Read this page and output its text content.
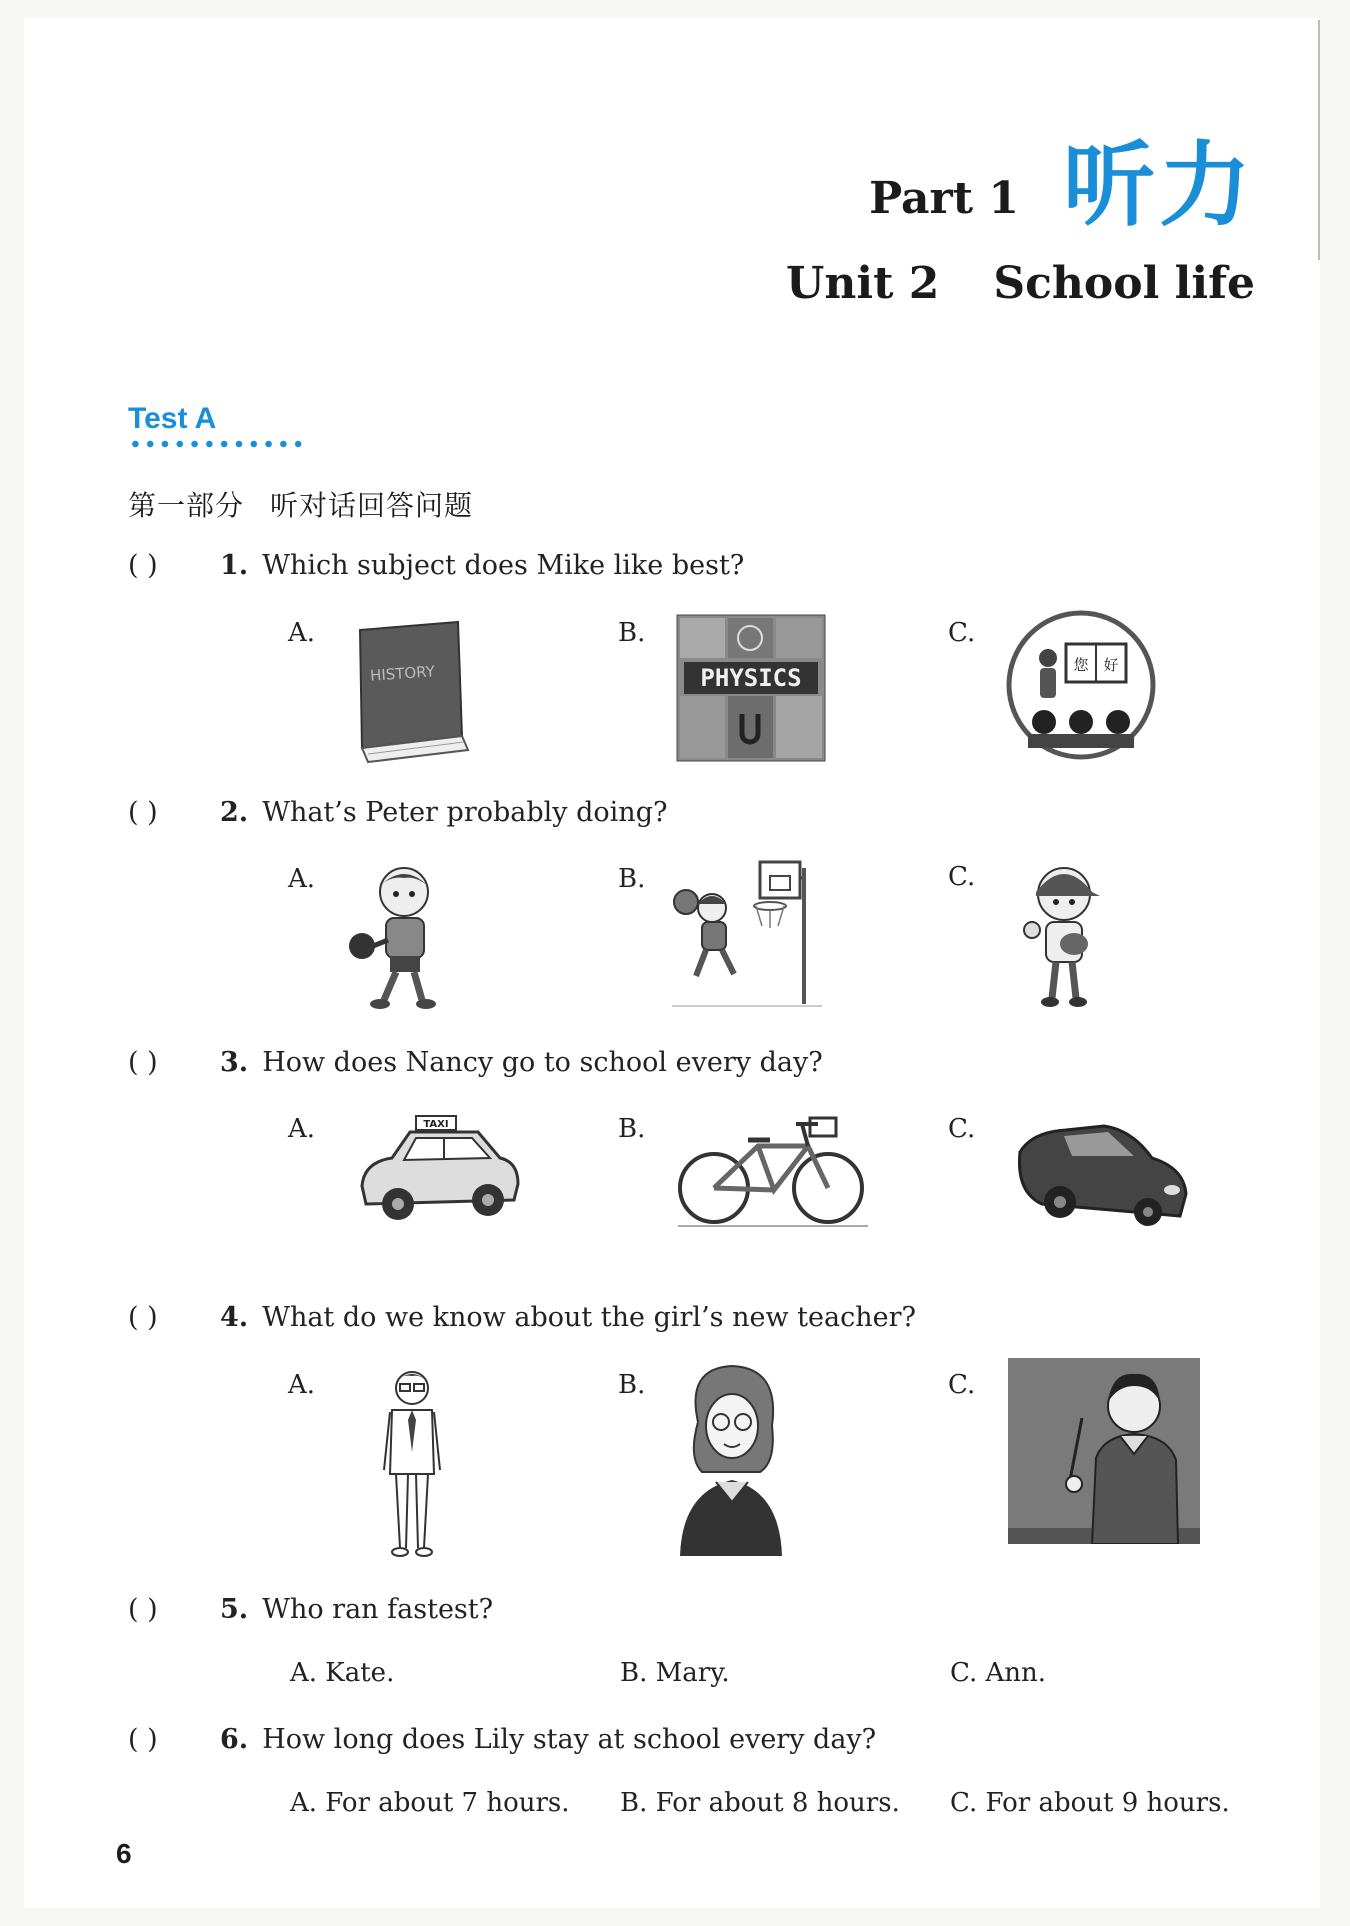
Part 1 听力
Unit 2 School life
Test A
第一部分 听对话回答问题
( ) 1. Which subject does Mike like best?
A.	B.	C.
HISTORY	PHYSICS	您 好
( ) 2. What’s Peter probably doing?
A.	B.	C.
( ) 3. How does Nancy go to school every day?
A.	B.	C.
TAXI
( ) 4. What do we know about the girl’s new teacher?
A.	B.	C.
( ) 5. Who ran fastest?
A. Kate.	B. Mary.	C. Ann.
( ) 6. How long does Lily stay at school every day?
A. For about 7 hours. B. For about 8 hours. C. For about 9 hours.
6
